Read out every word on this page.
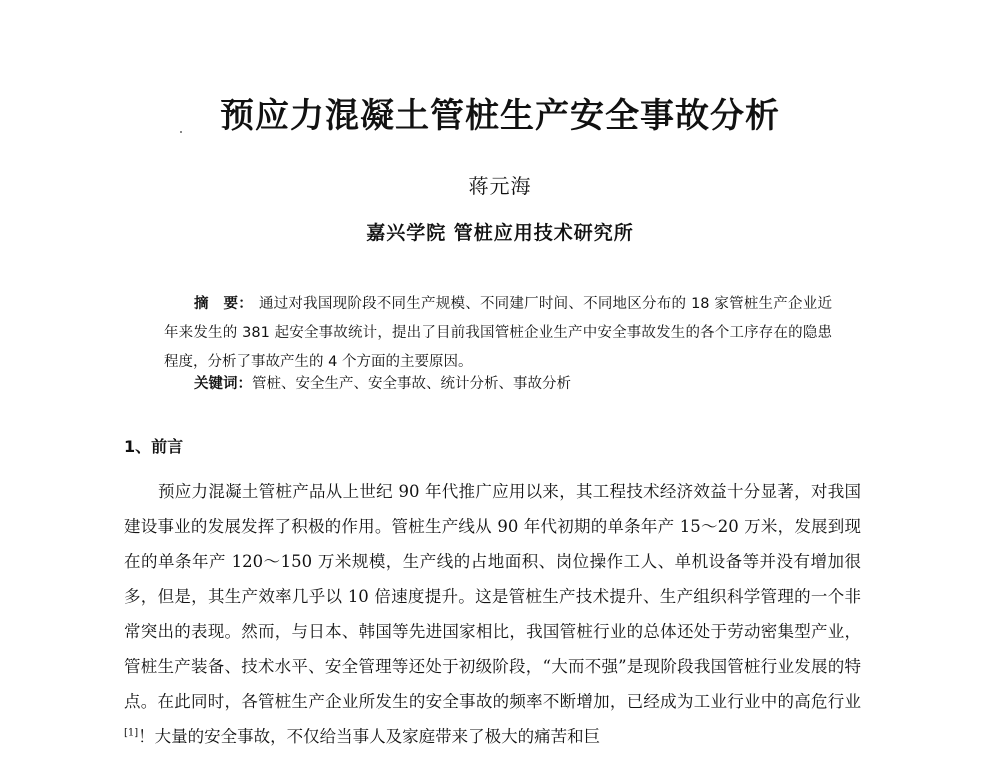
预应力混凝土管桩生产安全事故分析
蒋元海
嘉兴学院 管桩应用技术研究所
摘　要： 通过对我国现阶段不同生产规模、不同建厂时间、不同地区分布的 18 家管桩生产企业近年来发生的 381 起安全事故统计，提出了目前我国管桩企业生产中安全事故发生的各个工序存在的隐患程度，分析了事故产生的 4 个方面的主要原因。
关键词：管桩、安全生产、安全事故、统计分析、事故分析
1、前言
预应力混凝土管桩产品从上世纪 90 年代推广应用以来，其工程技术经济效益十分显著，对我国建设事业的发展发挥了积极的作用。管桩生产线从 90 年代初期的单条年产 15～20 万米，发展到现在的单条年产 120～150 万米规模，生产线的占地面积、岗位操作工人、单机设备等并没有增加很多，但是，其生产效率几乎以 10 倍速度提升。这是管桩生产技术提升、生产组织科学管理的一个非常突出的表现。然而，与日本、韩国等先进国家相比，我国管桩行业的总体还处于劳动密集型产业，管桩生产装备、技术水平、安全管理等还处于初级阶段，“大而不强”是现阶段我国管桩行业发展的特点。在此同时，各管桩生产企业所发生的安全事故的频率不断增加，已经成为工业行业中的高危行业[1]！大量的安全事故，不仅给当事人及家庭带来了极大的痛苦和巨
